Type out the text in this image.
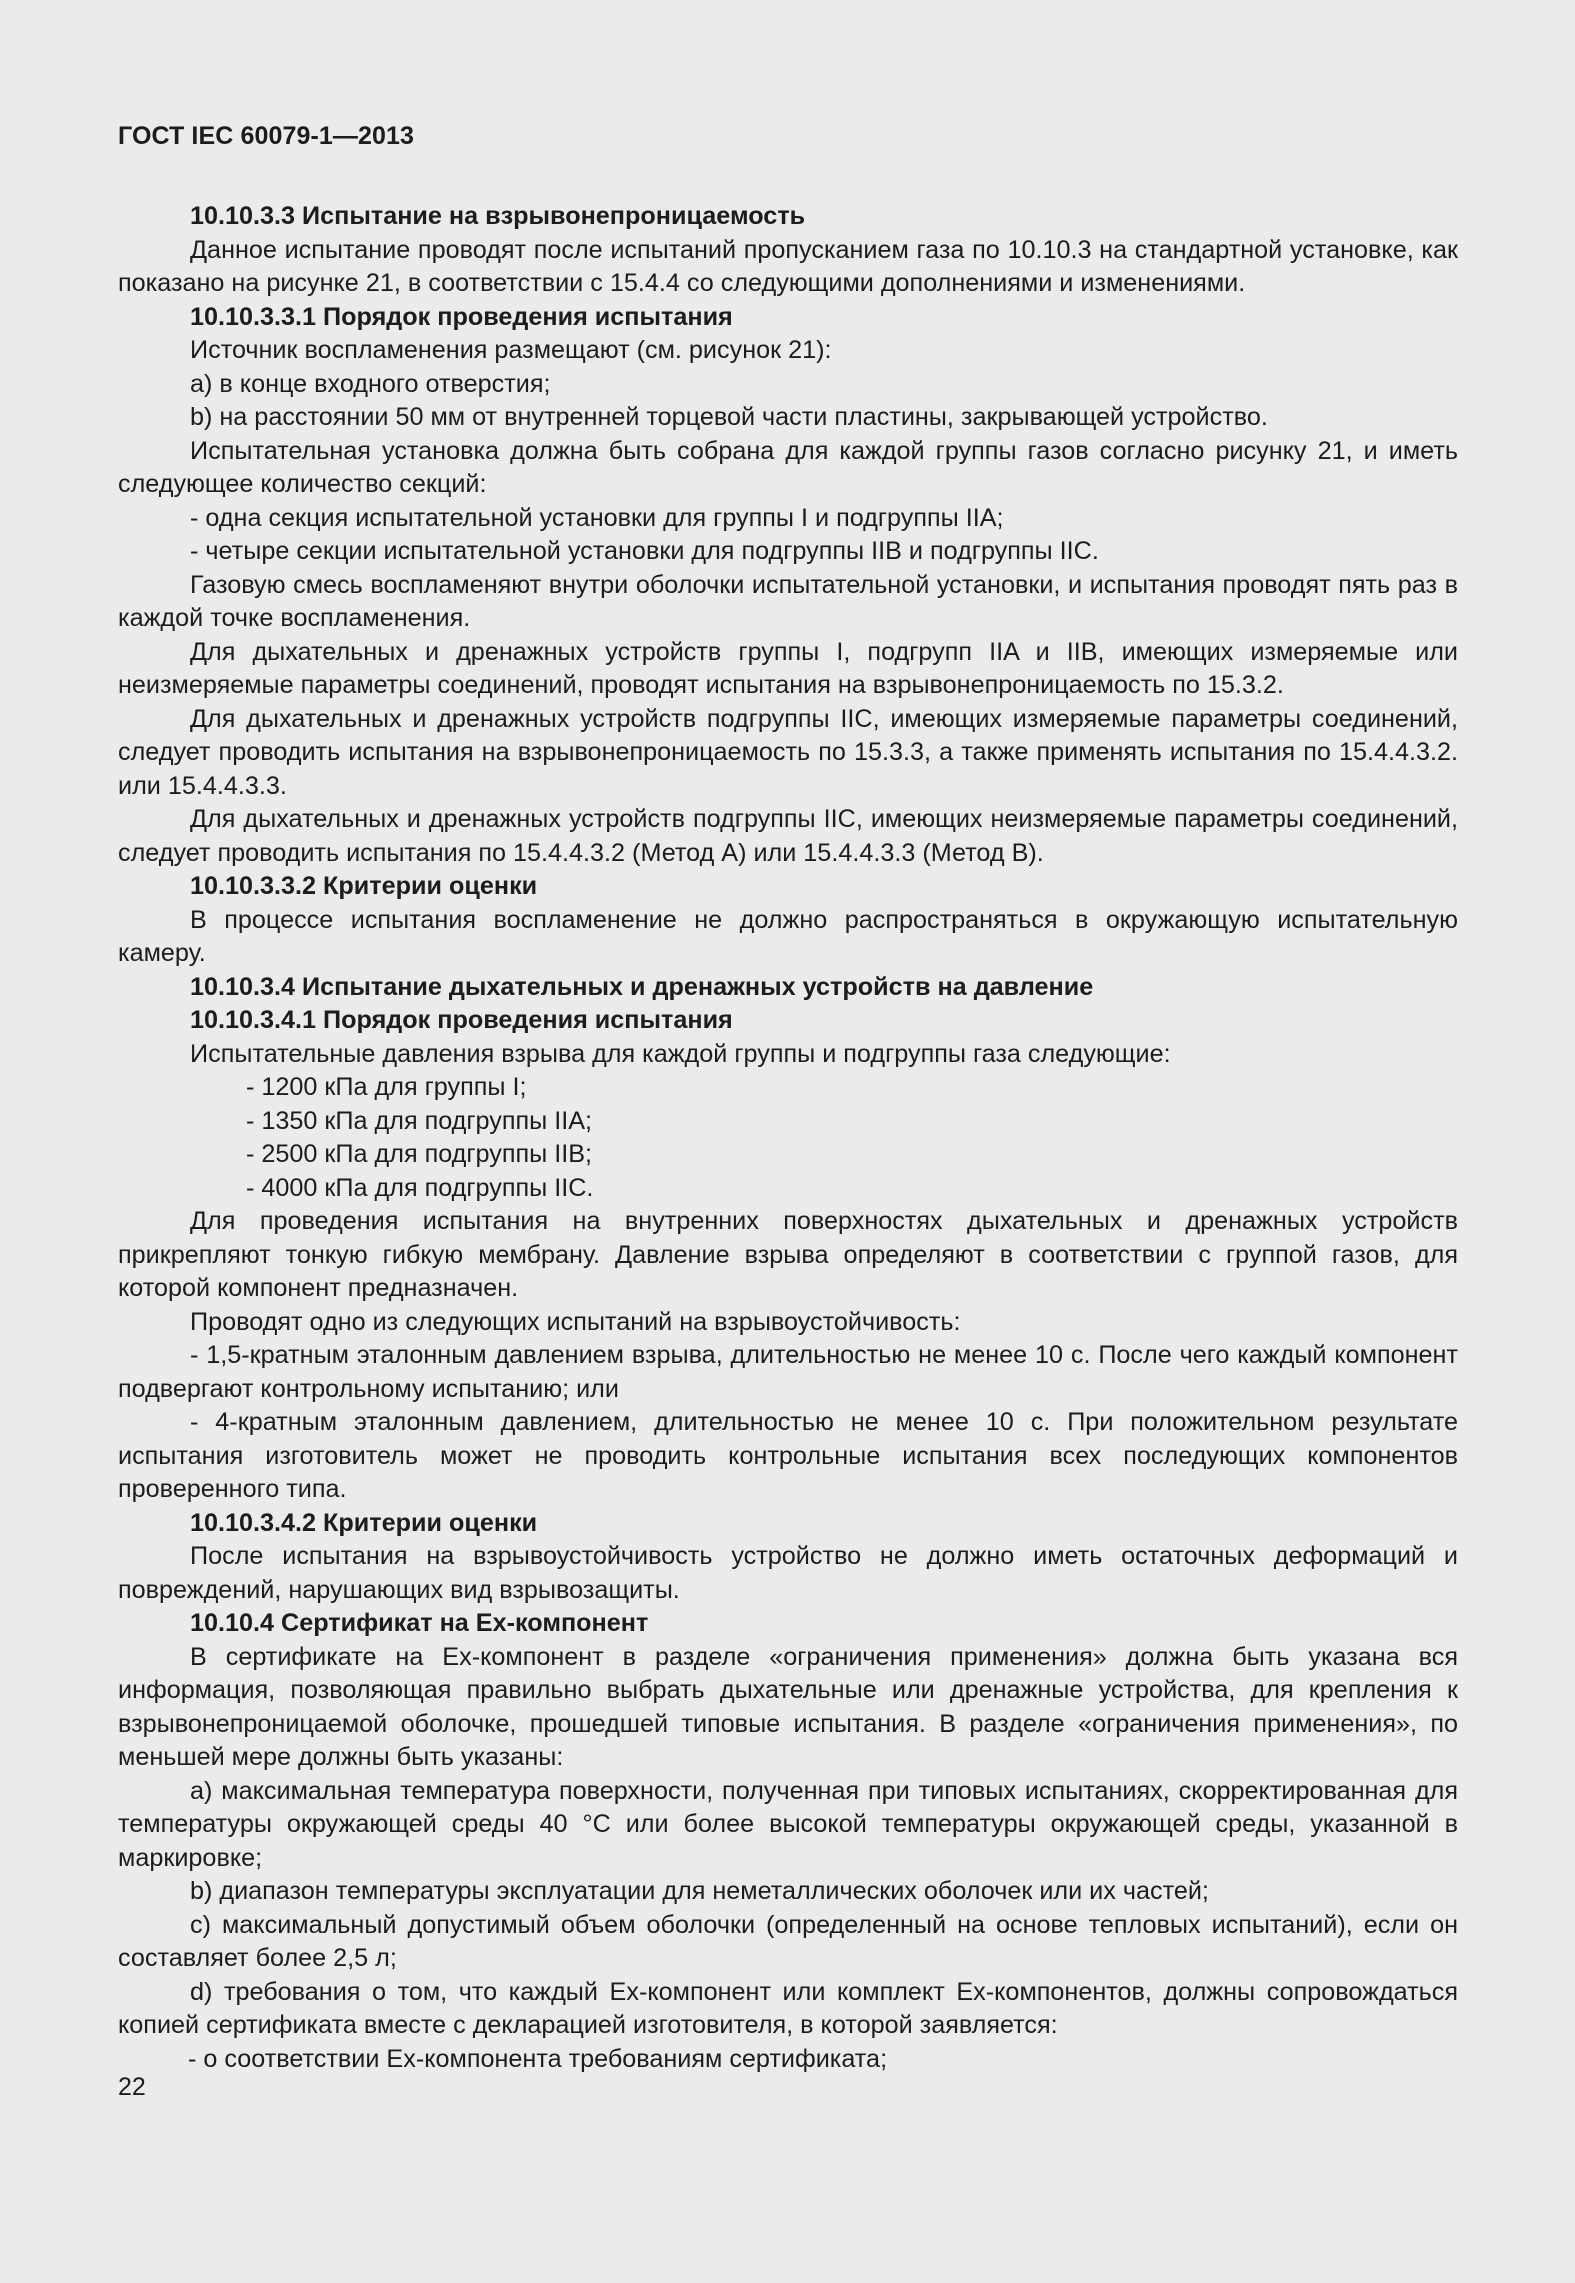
ГОСТ IEC 60079-1—2013

10.10.3.3 Испытание на взрывонепроницаемость

Данное испытание проводят после испытаний пропусканием газа по 10.10.3 на стандартной установке, как показано на рисунке 21, в соответствии с 15.4.4 со следующими дополнениями и изменениями.

10.10.3.3.1 Порядок проведения испытания

Источник воспламенения размещают (см. рисунок 21):

a) в конце входного отверстия;

b) на расстоянии 50 мм от внутренней торцевой части пластины, закрывающей устройство.

Испытательная установка должна быть собрана для каждой группы газов согласно рисунку 21, и иметь следующее количество секций:

- одна секция испытательной установки для группы I и подгруппы IIA;

- четыре секции испытательной установки для подгруппы IIB и подгруппы IIC.

Газовую смесь воспламеняют внутри оболочки испытательной установки, и испытания проводят пять раз в каждой точке воспламенения.

Для дыхательных и дренажных устройств группы I, подгрупп IIA и IIB, имеющих измеряемые или неизмеряемые параметры соединений, проводят испытания на взрывонепроницаемость по 15.3.2.

Для дыхательных и дренажных устройств подгруппы IIC, имеющих измеряемые параметры соединений, следует проводить испытания на взрывонепроницаемость по 15.3.3, а также применять испытания по 15.4.4.3.2. или 15.4.4.3.3.

Для дыхательных и дренажных устройств подгруппы IIC, имеющих неизмеряемые параметры соединений, следует проводить испытания по 15.4.4.3.2 (Метод А) или 15.4.4.3.3 (Метод В).

10.10.3.3.2 Критерии оценки

В процессе испытания воспламенение не должно распространяться в окружающую испытательную камеру.

10.10.3.4 Испытание дыхательных и дренажных устройств на давление

10.10.3.4.1 Порядок проведения испытания

Испытательные давления взрыва для каждой группы и подгруппы газа следующие:

- 1200 кПа для группы I;

- 1350 кПа для подгруппы IIA;

- 2500 кПа для подгруппы IIB;

- 4000 кПа для подгруппы IIC.

Для проведения испытания на внутренних поверхностях дыхательных и дренажных устройств прикрепляют тонкую гибкую мембрану. Давление взрыва определяют в соответствии с группой газов, для которой компонент предназначен.

Проводят одно из следующих испытаний на взрывоустойчивость:

- 1,5-кратным эталонным давлением взрыва, длительностью не менее 10 с. После чего каждый компонент подвергают контрольному испытанию; или

- 4-кратным эталонным давлением, длительностью не менее 10 с. При положительном результате испытания изготовитель может не проводить контрольные испытания всех последующих компонентов проверенного типа.

10.10.3.4.2 Критерии оценки

После испытания на взрывоустойчивость устройство не должно иметь остаточных деформаций и повреждений, нарушающих вид взрывозащиты.

10.10.4 Сертификат на Ex-компонент

В сертификате на Ex-компонент в разделе «ограничения применения» должна быть указана вся информация, позволяющая правильно выбрать дыхательные или дренажные устройства, для крепления к взрывонепроницаемой оболочке, прошедшей типовые испытания. В разделе «ограничения применения», по меньшей мере должны быть указаны:

a) максимальная температура поверхности, полученная при типовых испытаниях, скорректированная для температуры окружающей среды 40 °С или более высокой температуры окружающей среды, указанной в маркировке;

b) диапазон температуры эксплуатации для неметаллических оболочек или их частей;

c) максимальный допустимый объем оболочки (определенный на основе тепловых испытаний), если он составляет более 2,5 л;

d) требования о том, что каждый Ex-компонент или комплект Ex-компонентов, должны сопровождаться копией сертификата вместе с декларацией изготовителя, в которой заявляется:

- о соответствии Ex-компонента требованиям сертификата;

22
